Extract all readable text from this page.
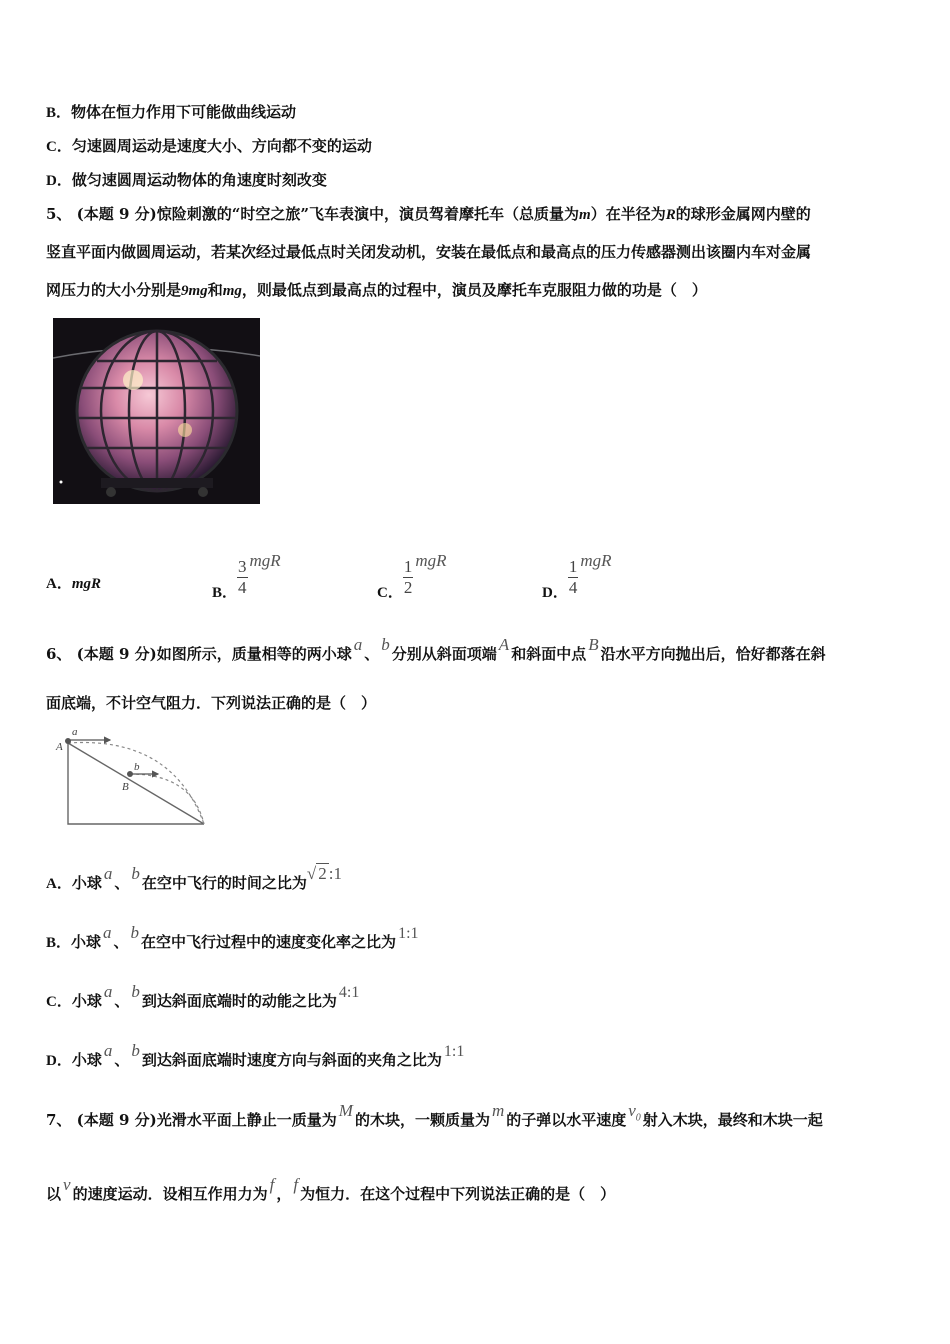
B．物体在恒力作用下可能做曲线运动
C．匀速圆周运动是速度大小、方向都不变的运动
D．做匀速圆周运动物体的角速度时刻改变
5、 (本题 9 分)惊险刺激的“时空之旅”飞车表演中，演员驾着摩托车（总质量为m）在半径为R的球形金属网内壁的
竖直平面内做圆周运动，若某次经过最低点时关闭发动机，安装在最低点和最高点的压力传感器测出该圈内车对金属
网压力的大小分别是9mg和mg，则最低点到最高点的过程中，演员及摩托车克服阻力做的功是（　）
A．mgR
B． $\frac{3}{4}$ mgR
C． $\frac{1}{2}$ mgR
D． $\frac{1}{4}$ mgR
6、 (本题 9 分)如图所示，质量相等的两小球 a 、 b 分别从斜面项端 A 和斜面中点 B 沿水平方向抛出后，恰好都落在斜
面底端，不计空气阻力．下列说法正确的是（　）
a
A
b
B
A．小球 a 、 b 在空中飞行的时间之比为√ 2 :1
B．小球 a 、 b 在空中飞行过程中的速度变化率之比为 1:1
C．小球 a 、 b 到达斜面底端时的动能之比为 4:1
D．小球 a 、 b 到达斜面底端时速度方向与斜面的夹角之比为 1:1
7、 (本题 9 分)光滑水平面上静止一质量为 M 的木块，一颗质量为 m 的子弹以水平速度 $v_0$ 射入木块，最终和木块一起
以 v 的速度运动．设相互作用力为 f ， f 为恒力．在这个过程中下列说法正确的是（　）
